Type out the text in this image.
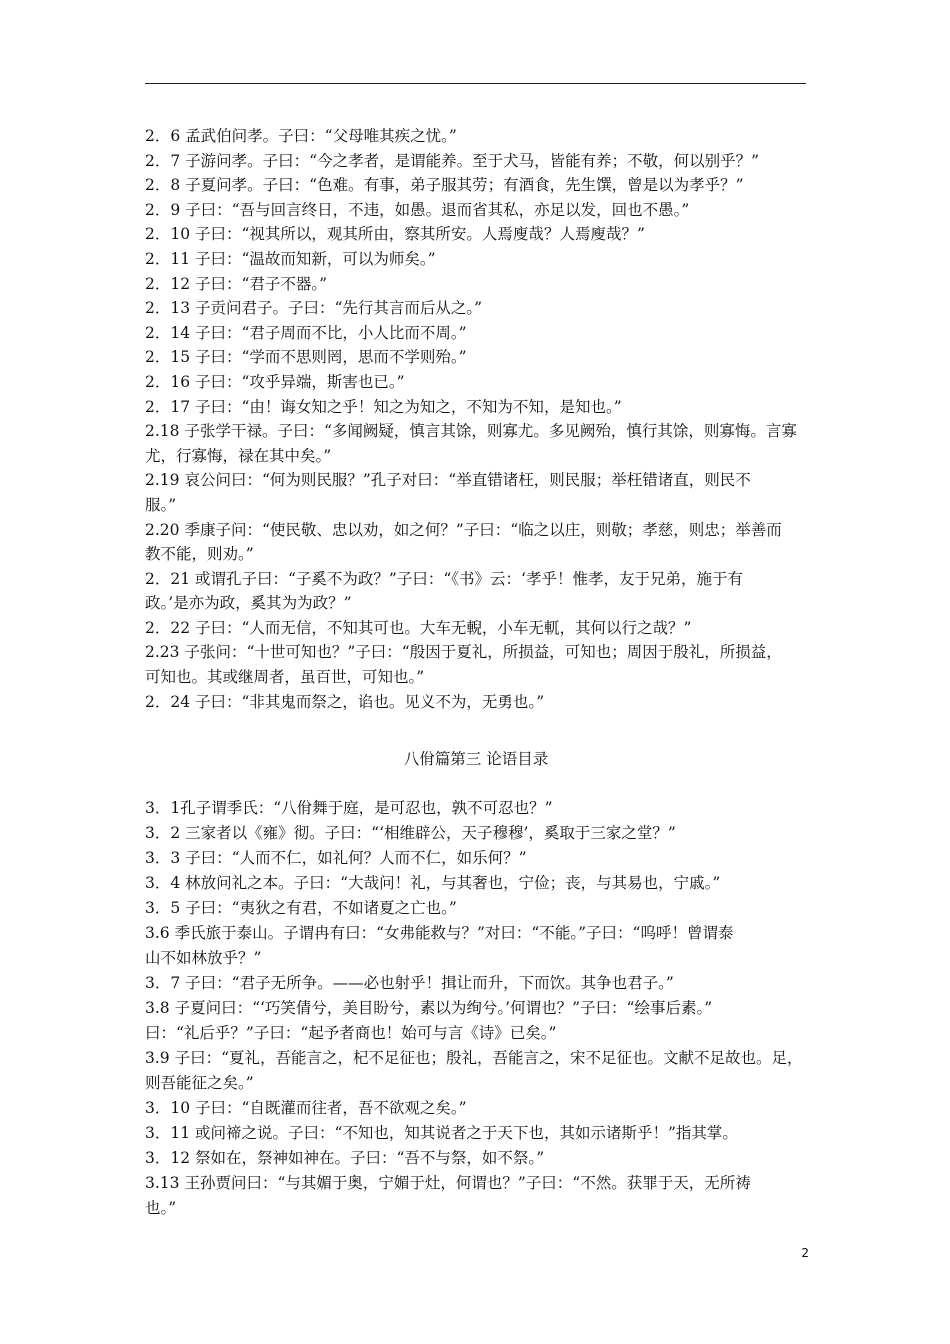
2．6 孟武伯问孝。子曰：“父母唯其疾之忧。”
2．7 子游问孝。子曰：“今之孝者，是谓能养。至于犬马，皆能有养；不敬，何以别乎？”
2．8 子夏问孝。子曰：“色难。有事，弟子服其劳；有酒食，先生馔，曾是以为孝乎？”
2．9 子曰：“吾与回言终日，不违，如愚。退而省其私，亦足以发，回也不愚。”
2．10 子曰：“视其所以，观其所由，察其所安。人焉廋哉？人焉廋哉？”
2．11 子曰：“温故而知新，可以为师矣。”
2．12 子曰：“君子不器。”
2．13 子贡问君子。子曰：“先行其言而后从之。”
2．14 子曰：“君子周而不比，小人比而不周。”
2．15 子曰：“学而不思则罔，思而不学则殆。”
2．16 子曰：“攻乎异端，斯害也已。”
2．17 子曰：“由！诲女知之乎！知之为知之，不知为不知，是知也。”
2.18 子张学干禄。子曰：“多闻阙疑，慎言其馀，则寡尤。多见阙殆，慎行其馀，则寡悔。言寡
尤，行寡悔，禄在其中矣。”
2.19 哀公问曰：“何为则民服？”孔子对曰：“举直错诸枉，则民服；举枉错诸直，则民不
服。”
2.20 季康子问：“使民敬、忠以劝，如之何？”子曰：“临之以庄，则敬；孝慈，则忠；举善而
教不能，则劝。”
2．21 或谓孔子曰：“子奚不为政？”子曰：“《书》云：‘孝乎！惟孝，友于兄弟，施于有
政。’是亦为政，奚其为为政？”
2．22 子曰：“人而无信，不知其可也。大车无輗，小车无軏，其何以行之哉？”
2.23 子张问：“十世可知也？”子曰：“殷因于夏礼，所损益，可知也；周因于殷礼，所损益，
可知也。其或继周者，虽百世，可知也。”
2．24 子曰：“非其鬼而祭之，谄也。见义不为，无勇也。”
八佾篇第三 论语目录
3．1孔子谓季氏：“八佾舞于庭，是可忍也，孰不可忍也？”
3．2 三家者以《雍》彻。子曰：“‘相维辟公，天子穆穆’，奚取于三家之堂？”
3．3 子曰：“人而不仁，如礼何？人而不仁，如乐何？”
3．4 林放问礼之本。子曰：“大哉问！礼，与其奢也，宁俭；丧，与其易也，宁戚。”
3．5 子曰：“夷狄之有君，不如诸夏之亡也。”
3.6 季氏旅于泰山。子谓冉有曰：“女弗能救与？”对曰：“不能。”子曰：“呜呼！曾谓泰
山不如林放乎？”
3．7 子曰：“君子无所争。——必也射乎！揖让而升，下而饮。其争也君子。”
3.8 子夏问曰：“‘巧笑倩兮，美目盼兮，素以为绚兮。’何谓也？”子曰：“绘事后素。”
曰：“礼后乎？”子曰：“起予者商也！始可与言《诗》已矣。”
3.9 子曰：“夏礼，吾能言之，杞不足征也；殷礼，吾能言之，宋不足征也。文献不足故也。足，
则吾能征之矣。”
3．10 子曰：“自既灌而往者，吾不欲观之矣。”
3．11 或问禘之说。子曰：“不知也，知其说者之于天下也，其如示诸斯乎！”指其掌。
3．12 祭如在，祭神如神在。子曰：“吾不与祭，如不祭。”
3.13 王孙贾问曰：“与其媚于奥，宁媚于灶，何谓也？”子曰：“不然。获罪于天，无所祷
也。”
2
